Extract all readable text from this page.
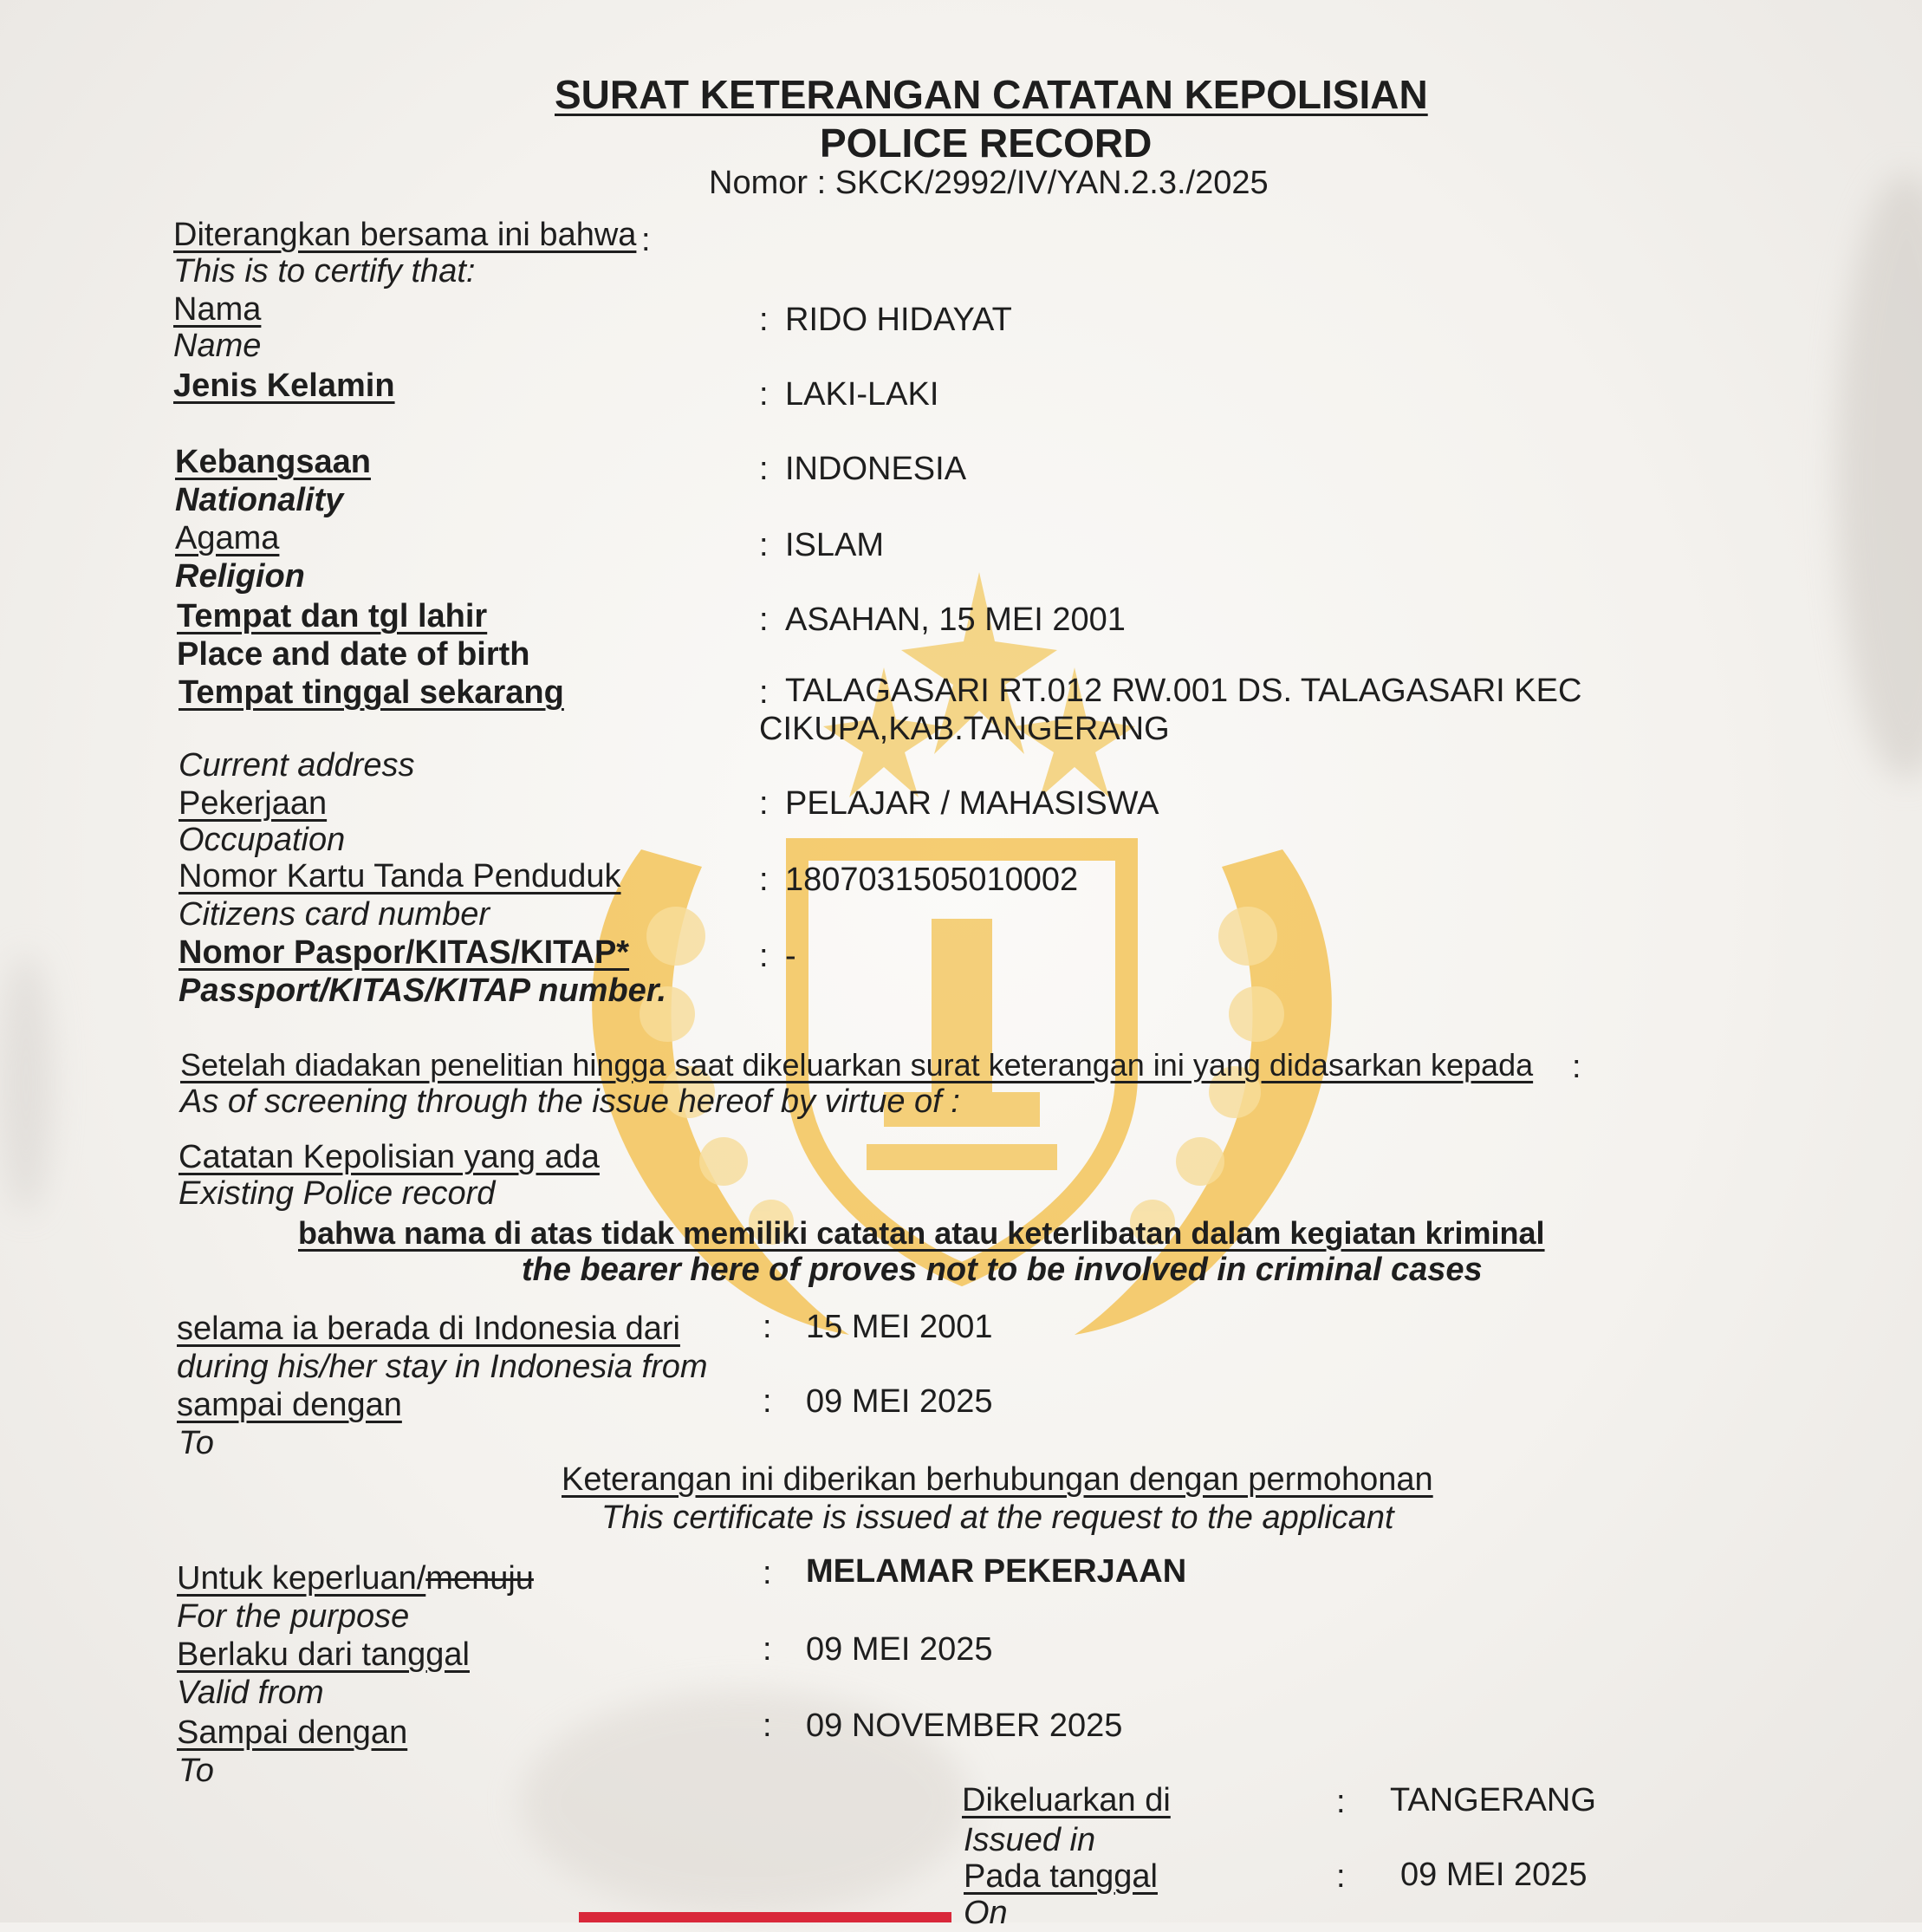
SURAT KETERANGAN CATATAN KEPOLISIAN
POLICE RECORD
Nomor : SKCK/2992/IV/YAN.2.3./2025
Diterangkan bersama ini bahwa :
This is to certify that:
Nama
Name
: RIDO HIDAYAT
Jenis Kelamin	: LAKI-LAKI
Kebangsaan
Nationality
: INDONESIA
Agama
Religion
: ISLAM
Tempat dan tgl lahir
Place and date of birth
: ASAHAN, 15 MEI 2001
Tempat tinggal sekarang
Current address
: TALAGASARI RT.012 RW.001 DS. TALAGASARI KEC
CIKUPA,KAB.TANGERANG
Pekerjaan
Occupation
: PELAJAR / MAHASISWA
Nomor Kartu Tanda Penduduk
Citizens card number
: 1807031505010002
Nomor Paspor/KITAS/KITAP*
Passport/KITAS/KITAP number.
: -
Setelah diadakan penelitian hingga saat dikeluarkan surat keterangan ini yang didasarkan kepada :
As of screening through the issue hereof by virtue of :
Catatan Kepolisian yang ada
Existing Police record
bahwa nama di atas tidak memiliki catatan atau keterlibatan dalam kegiatan kriminal
the bearer here of proves not to be involved in criminal cases
selama ia berada di Indonesia dari
during his/her stay in Indonesia from
: 15 MEI 2001
sampai dengan
To
: 09 MEI 2025
Keterangan ini diberikan berhubungan dengan permohonan
This certificate is issued at the request to the applicant
Untuk keperluan/menuju
For the purpose
: MELAMAR PEKERJAAN
Berlaku dari tanggal
Valid from
: 09 MEI 2025
Sampai dengan
To
: 09 NOVEMBER 2025
Dikeluarkan di
Issued in
: TANGERANG
Pada tanggal
On
: 09 MEI 2025
